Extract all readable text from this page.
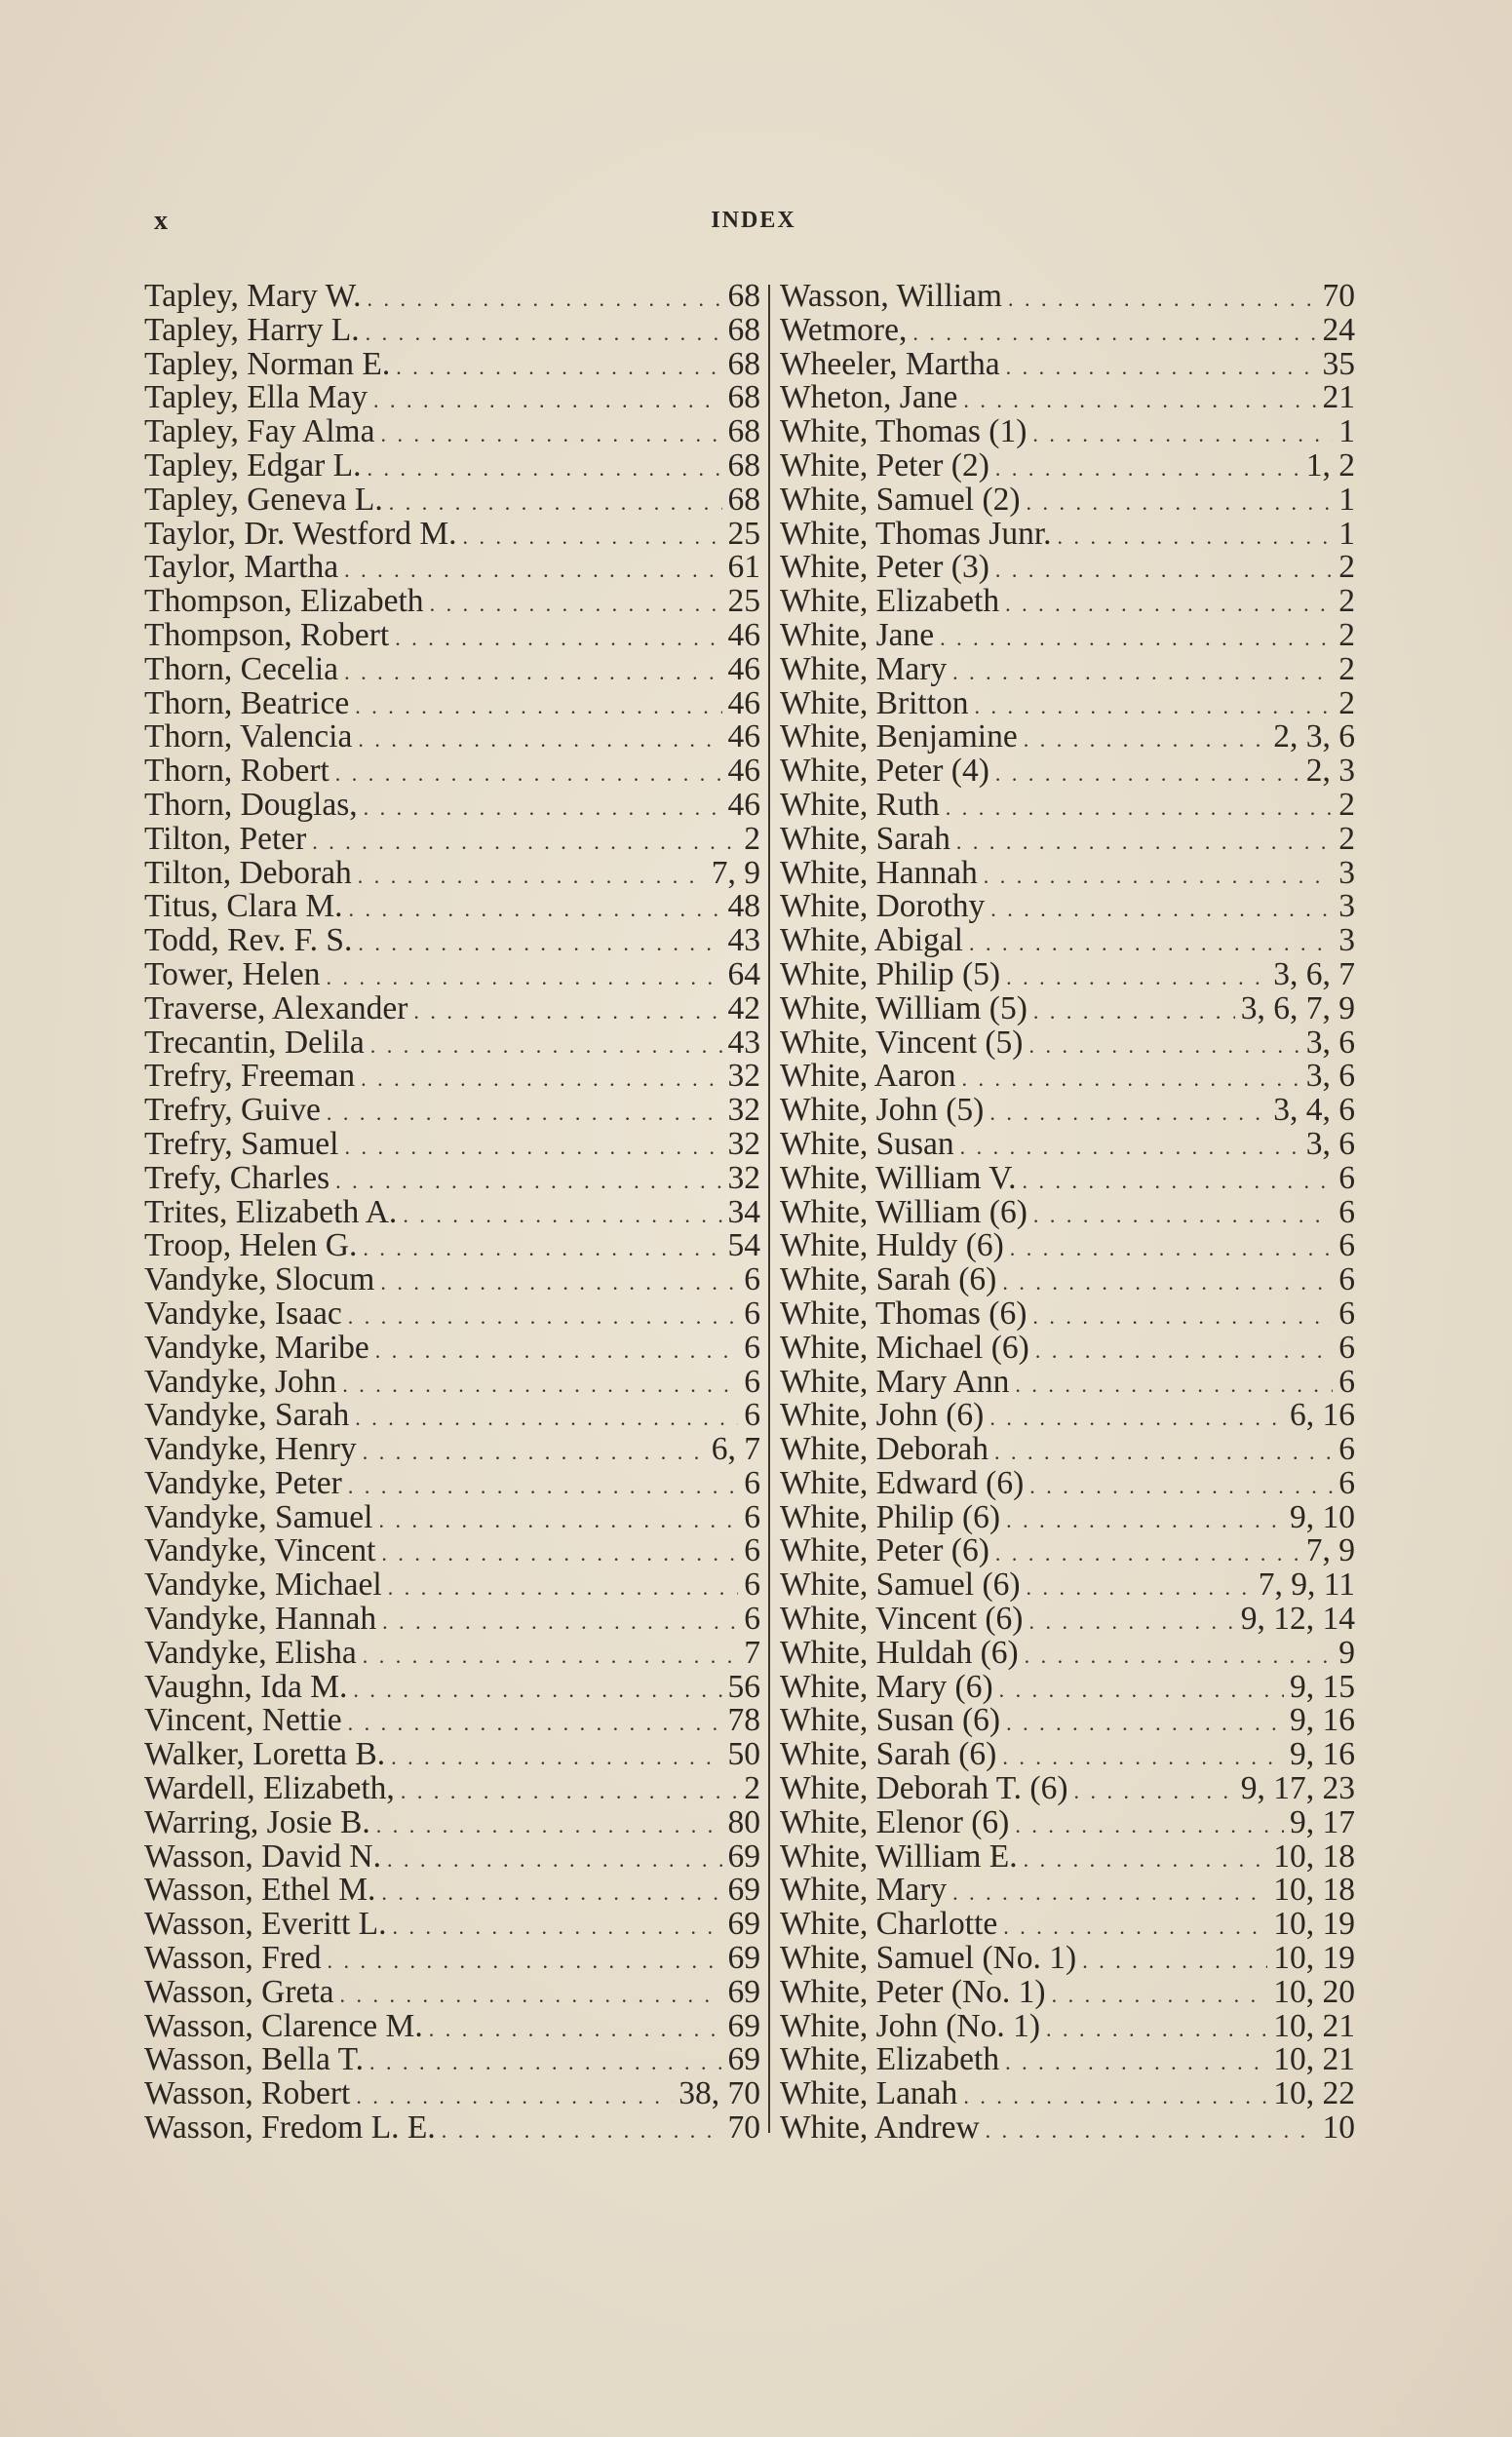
x	INDEX
Tapley, Mary W. . . .	68
Tapley, Harry L. . . .	68
Tapley, Norman E. . . .	68
Tapley, Ella May . . .	68
Tapley, Fay Alma . . .	68
Tapley, Edgar L. . . .	68
Tapley, Geneva L. . . .	68
Taylor, Dr. Westford M. . . .	25
Taylor, Martha . . .	61
Thompson, Elizabeth . . .	25
Thompson, Robert . . .	46
Thorn, Cecelia . . .	46
Thorn, Beatrice . . .	46
Thorn, Valencia . . .	46
Thorn, Robert . . .	46
Thorn, Douglas, . . .	46
Tilton, Peter . . .	2
Tilton, Deborah . . .	7, 9
Titus, Clara M. . . .	48
Todd, Rev. F. S. . . .	43
Tower, Helen . . .	64
Traverse, Alexander . . .	42
Trecantin, Delila . . .	43
Trefry, Freeman . . .	32
Trefry, Guive . . .	32
Trefry, Samuel . . .	32
Trefy, Charles . . .	32
Trites, Elizabeth A. . . .	34
Troop, Helen G. . . .	54
Vandyke, Slocum . . .	6
Vandyke, Isaac . . .	6
Vandyke, Maribe . . .	6
Vandyke, John . . .	6
Vandyke, Sarah . . .	6
Vandyke, Henry . . .	6, 7
Vandyke, Peter . . .	6
Vandyke, Samuel . . .	6
Vandyke, Vincent . . .	6
Vandyke, Michael . . .	6
Vandyke, Hannah . . .	6
Vandyke, Elisha . . .	7
Vaughn, Ida M. . . .	56
Vincent, Nettie . . .	78
Walker, Loretta B. . . .	50
Wardell, Elizabeth, . . .	2
Warring, Josie B. . . .	80
Wasson, David N. . . .	69
Wasson, Ethel M. . . .	69
Wasson, Everitt L. . . .	69
Wasson, Fred . . .	69
Wasson, Greta . . .	69
Wasson, Clarence M. . . .	69
Wasson, Bella T. . . .	69
Wasson, Robert . . .	38, 70
Wasson, Fredom L. E. . . .	70
Wasson, William . . .	70
Wetmore, . . .	24
Wheeler, Martha . . .	35
Wheton, Jane . . .	21
White, Thomas (1) . . .	1
White, Peter (2) . . .	1, 2
White, Samuel (2) . . .	1
White, Thomas Junr. . . .	1
White, Peter (3) . . .	2
White, Elizabeth . . .	2
White, Jane . . .	2
White, Mary . . .	2
White, Britton . . .	2
White, Benjamine . . .	2, 3, 6
White, Peter (4) . . .	2, 3
White, Ruth . . .	2
White, Sarah . . .	2
White, Hannah . . .	3
White, Dorothy . . .	3
White, Abigal . . .	3
White, Philip (5) . . .	3, 6, 7
White, William (5) . . .	3, 6, 7, 9
White, Vincent (5) . . .	3, 6
White, Aaron . . .	3, 6
White, John (5) . . .	3, 4, 6
White, Susan . . .	3, 6
White, William V. . . .	6
White, William (6) . . .	6
White, Huldy (6) . . .	6
White, Sarah (6) . . .	6
White, Thomas (6) . . .	6
White, Michael (6) . . .	6
White, Mary Ann . . .	6
White, John (6) . . .	6, 16
White, Deborah . . .	6
White, Edward (6) . . .	6
White, Philip (6) . . .	9, 10
White, Peter (6) . . .	7, 9
White, Samuel (6) . . .	7, 9, 11
White, Vincent (6) . . .	9, 12, 14
White, Huldah (6) . . .	9
White, Mary (6) . . .	9, 15
White, Susan (6) . . .	9, 16
White, Sarah (6) . . .	9, 16
White, Deborah T. (6) . . .	9, 17, 23
White, Elenor (6) . . .	9, 17
White, William E. . . .	10, 18
White, Mary . . .	10, 18
White, Charlotte . . .	10, 19
White, Samuel (No. 1) . . .	10, 19
White, Peter (No. 1) . . .	10, 20
White, John (No. 1) . . .	10, 21
White, Elizabeth . . .	10, 21
White, Lanah . . .	10, 22
White, Andrew . . .	10
